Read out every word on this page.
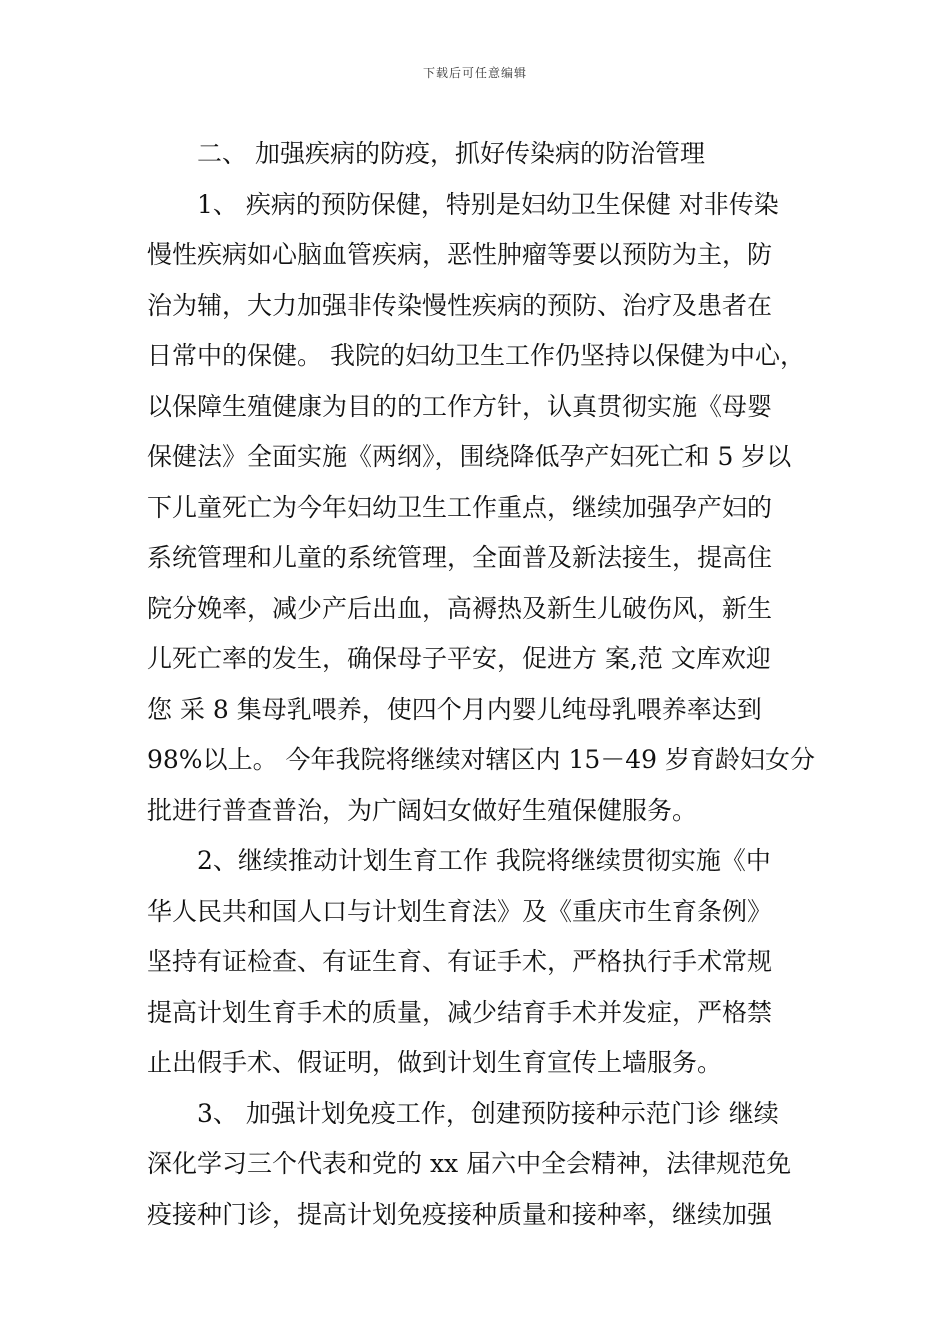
下载后可任意编辑
二、 加强疾病的防疫，抓好传染病的防治管理
1、 疾病的预防保健，特别是妇幼卫生保健 对非传染
慢性疾病如心脑血管疾病，恶性肿瘤等要以预防为主，防
治为辅，大力加强非传染慢性疾病的预防、治疗及患者在
日常中的保健。 我院的妇幼卫生工作仍坚持以保健为中心，
以保障生殖健康为目的的工作方针，认真贯彻实施《母婴
保健法》全面实施《两纲》，围绕降低孕产妇死亡和 5 岁以
下儿童死亡为今年妇幼卫生工作重点，继续加强孕产妇的
系统管理和儿童的系统管理，全面普及新法接生，提高住
院分娩率，减少产后出血，高褥热及新生儿破伤风，新生
儿死亡率的发生，确保母子平安，促进方 案,范 文库欢迎
您 采 8 集母乳喂养，使四个月内婴儿纯母乳喂养率达到
98%以上。 今年我院将继续对辖区内 15－49 岁育龄妇女分
批进行普查普治，为广阔妇女做好生殖保健服务。
2、继续推动计划生育工作 我院将继续贯彻实施《中
华人民共和国人口与计划生育法》及《重庆市生育条例》
坚持有证检查、有证生育、有证手术，严格执行手术常规
提高计划生育手术的质量，减少结育手术并发症，严格禁
止出假手术、假证明，做到计划生育宣传上墙服务。
3、 加强计划免疫工作，创建预防接种示范门诊 继续
深化学习三个代表和党的 xx 届六中全会精神，法律规范免
疫接种门诊，提高计划免疫接种质量和接种率，继续加强
